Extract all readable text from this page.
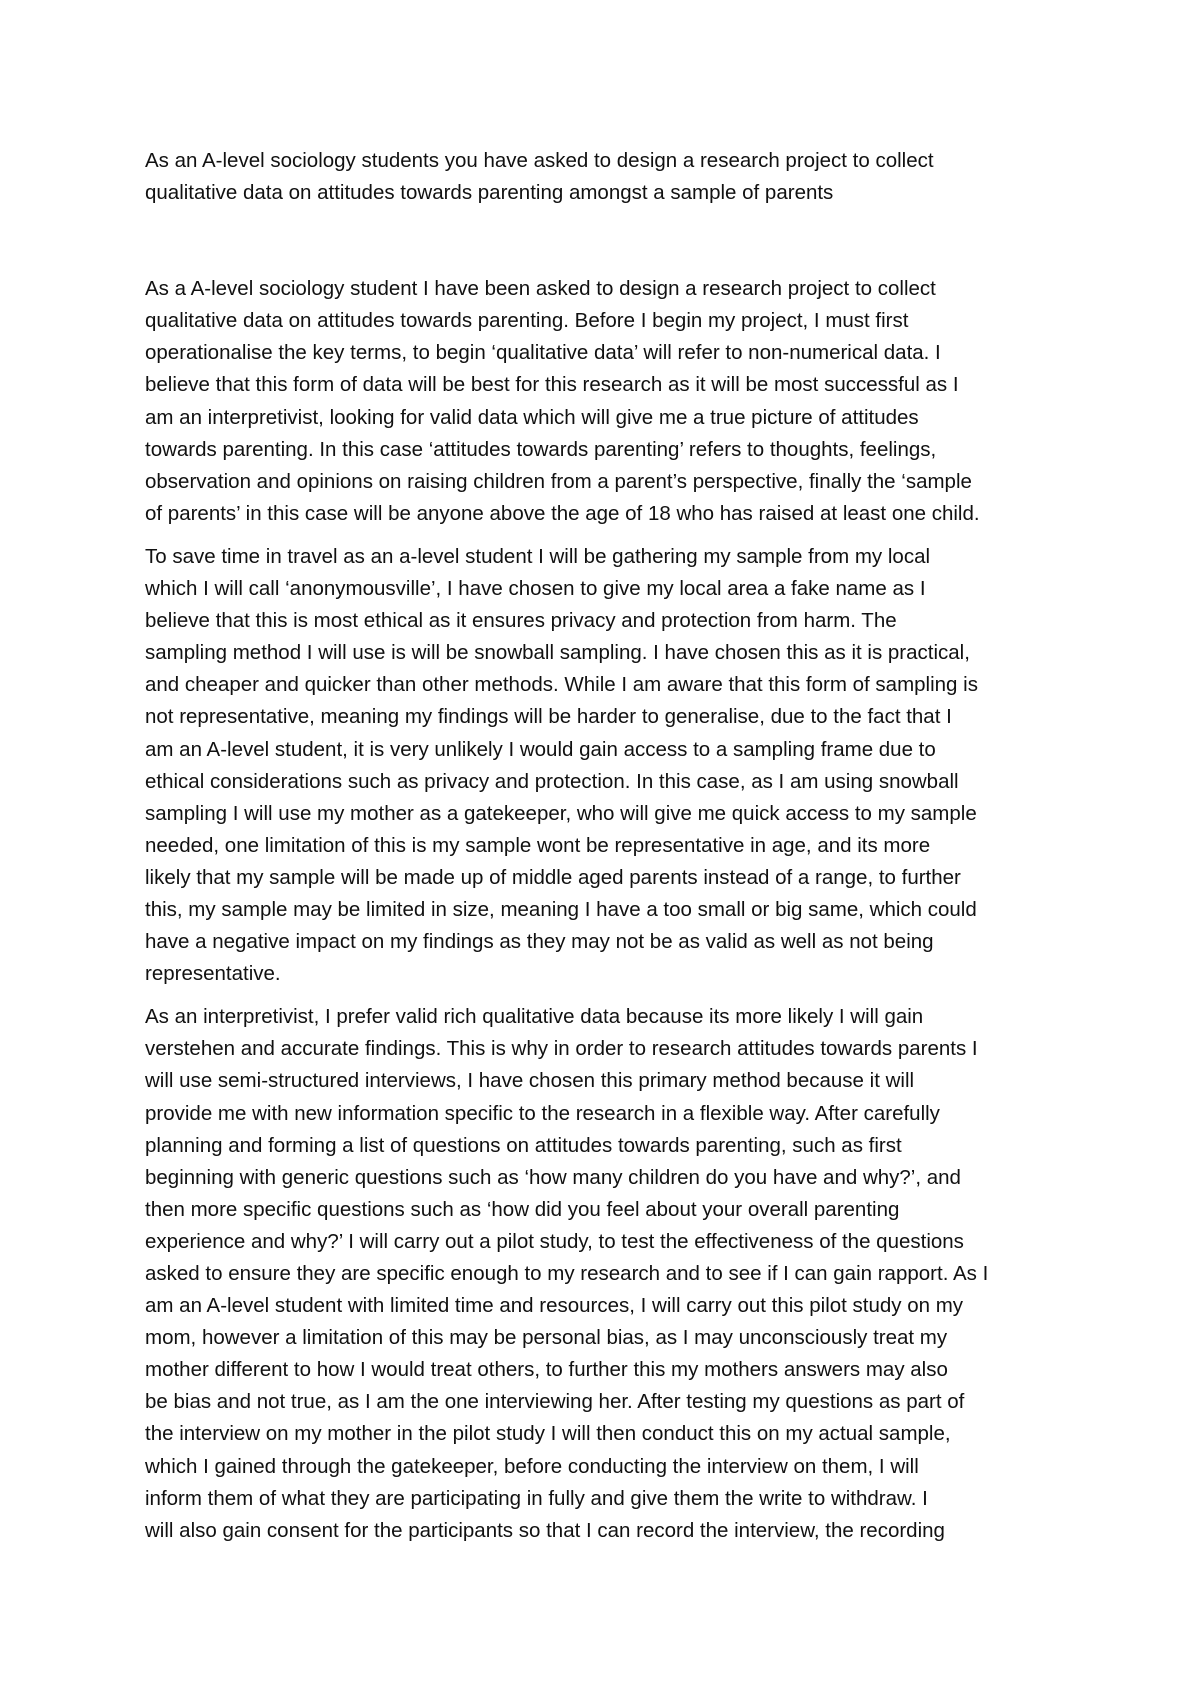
As an A-level sociology students you have asked to design a research project to collect
qualitative data on attitudes towards parenting amongst a sample of parents

As a A-level sociology student I have been asked to design a research project to collect
qualitative data on attitudes towards parenting. Before I begin my project, I must first
operationalise the key terms, to begin ‘qualitative data’ will refer to non-numerical data. I
believe that this form of data will be best for this research as it will be most successful as I
am an interpretivist, looking for valid data which will give me a true picture of attitudes
towards parenting. In this case ‘attitudes towards parenting’ refers to thoughts, feelings,
observation and opinions on raising children from a parent’s perspective, finally the ‘sample
of parents’ in this case will be anyone above the age of 18 who has raised at least one child.

To save time in travel as an a-level student I will be gathering my sample from my local
which I will call ‘anonymousville’, I have chosen to give my local area a fake name as I
believe that this is most ethical as it ensures privacy and protection from harm. The
sampling method I will use is will be snowball sampling. I have chosen this as it is practical,
and cheaper and quicker than other methods. While I am aware that this form of sampling is
not representative, meaning my findings will be harder to generalise, due to the fact that I
am an A-level student, it is very unlikely I would gain access to a sampling frame due to
ethical considerations such as privacy and protection. In this case, as I am using snowball
sampling I will use my mother as a gatekeeper, who will give me quick access to my sample
needed, one limitation of this is my sample wont be representative in age, and its more
likely that my sample will be made up of middle aged parents instead of a range, to further
this, my sample may be limited in size, meaning I have a too small or big same, which could
have a negative impact on my findings as they may not be as valid as well as not being
representative.

As an interpretivist, I prefer valid rich qualitative data because its more likely I will gain
verstehen and accurate findings. This is why in order to research attitudes towards parents I
will use semi-structured interviews, I have chosen this primary method because it will
provide me with new information specific to the research in a flexible way. After carefully
planning and forming a list of questions on attitudes towards parenting, such as first
beginning with generic questions such as ‘how many children do you have and why?’, and
then more specific questions such as ‘how did you feel about your overall parenting
experience and why?’ I will carry out a pilot study, to test the effectiveness of the questions
asked to ensure they are specific enough to my research and to see if I can gain rapport. As I
am an A-level student with limited time and resources, I will carry out this pilot study on my
mom, however a limitation of this may be personal bias, as I may unconsciously treat my
mother different to how I would treat others, to further this my mothers answers may also
be bias and not true, as I am the one interviewing her. After testing my questions as part of
the interview on my mother in the pilot study I will then conduct this on my actual sample,
which I gained through the gatekeeper, before conducting the interview on them, I will
inform them of what they are participating in fully and give them the write to withdraw. I
will also gain consent for the participants so that I can record the interview, the recording
